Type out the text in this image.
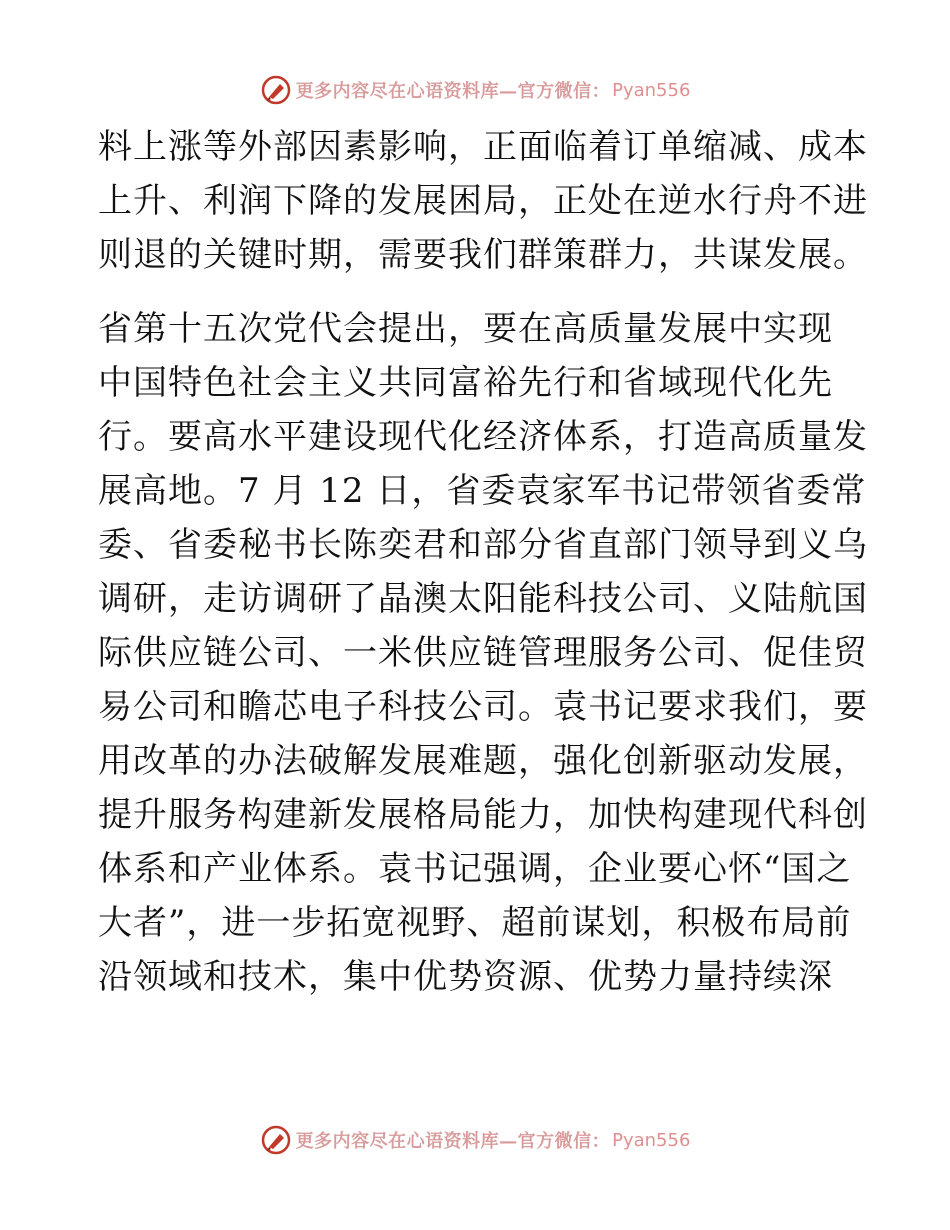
更多内容尽在心语资料库—官方微信： Pyan556

料上涨等外部因素影响，正面临着订单缩减、成本
上升、利润下降的发展困局，正处在逆水行舟不进
则退的关键时期，需要我们群策群力，共谋发展。

省第十五次党代会提出，要在高质量发展中实现
中国特色社会主义共同富裕先行和省域现代化先
行。要高水平建设现代化经济体系，打造高质量发
展高地。7 月 12 日，省委袁家军书记带领省委常
委、省委秘书长陈奕君和部分省直部门领导到义乌
调研，走访调研了晶澳太阳能科技公司、义陆航国
际供应链公司、一米供应链管理服务公司、促佳贸
易公司和瞻芯电子科技公司。袁书记要求我们，要
用改革的办法破解发展难题，强化创新驱动发展，
提升服务构建新发展格局能力，加快构建现代科创
体系和产业体系。袁书记强调，企业要心怀“国之
大者”，进一步拓宽视野、超前谋划，积极布局前
沿领域和技术，集中优势资源、优势力量持续深

更多内容尽在心语资料库—官方微信： Pyan556
